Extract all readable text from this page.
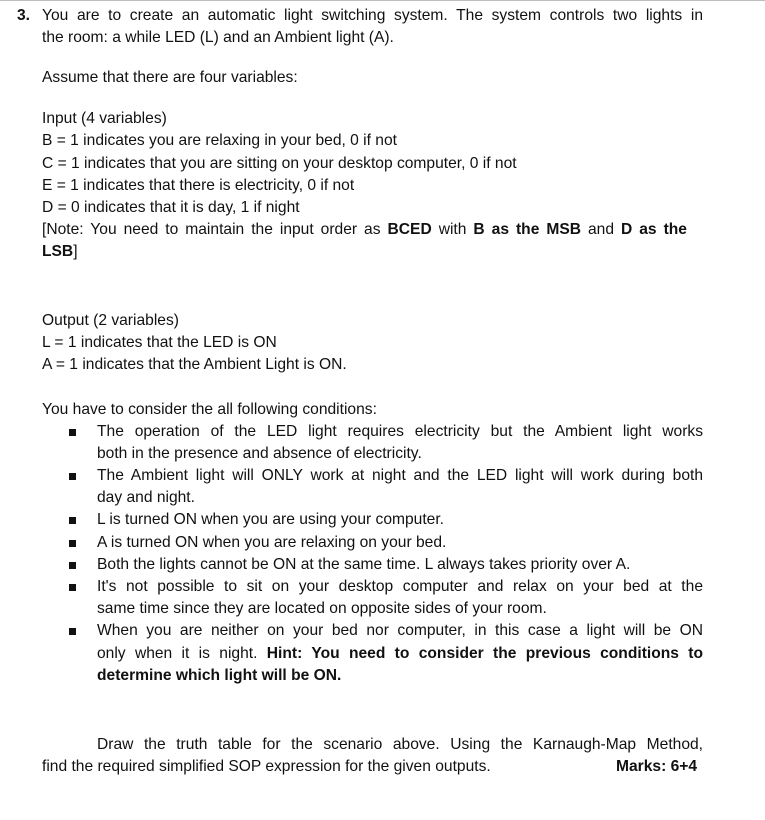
3. You are to create an automatic light switching system. The system controls two lights in
the room: a while LED (L) and an Ambient light (A).
Assume that there are four variables:
Input (4 variables)
B = 1 indicates you are relaxing in your bed, 0 if not
C = 1 indicates that you are sitting on your desktop computer, 0 if not
E = 1 indicates that there is electricity, 0 if not
D = 0 indicates that it is day, 1 if night
[Note: You need to maintain the input order as BCED with B as the MSB and D as the
LSB]
Output (2 variables)
L = 1 indicates that the LED is ON
A = 1 indicates that the Ambient Light is ON.
You have to consider the all following conditions:
The operation of the LED light requires electricity but the Ambient light works
both in the presence and absence of electricity.
The Ambient light will ONLY work at night and the LED light will work during both
day and night.
L is turned ON when you are using your computer.
A is turned ON when you are relaxing on your bed.
Both the lights cannot be ON at the same time. L always takes priority over A.
It's not possible to sit on your desktop computer and relax on your bed at the
same time since they are located on opposite sides of your room.
When you are neither on your bed nor computer, in this case a light will be ON
only when it is night. Hint: You need to consider the previous conditions to
determine which light will be ON.
Draw the truth table for the scenario above. Using the Karnaugh-Map Method,
find the required simplified SOP expression for the given outputs.	Marks: 6+4
